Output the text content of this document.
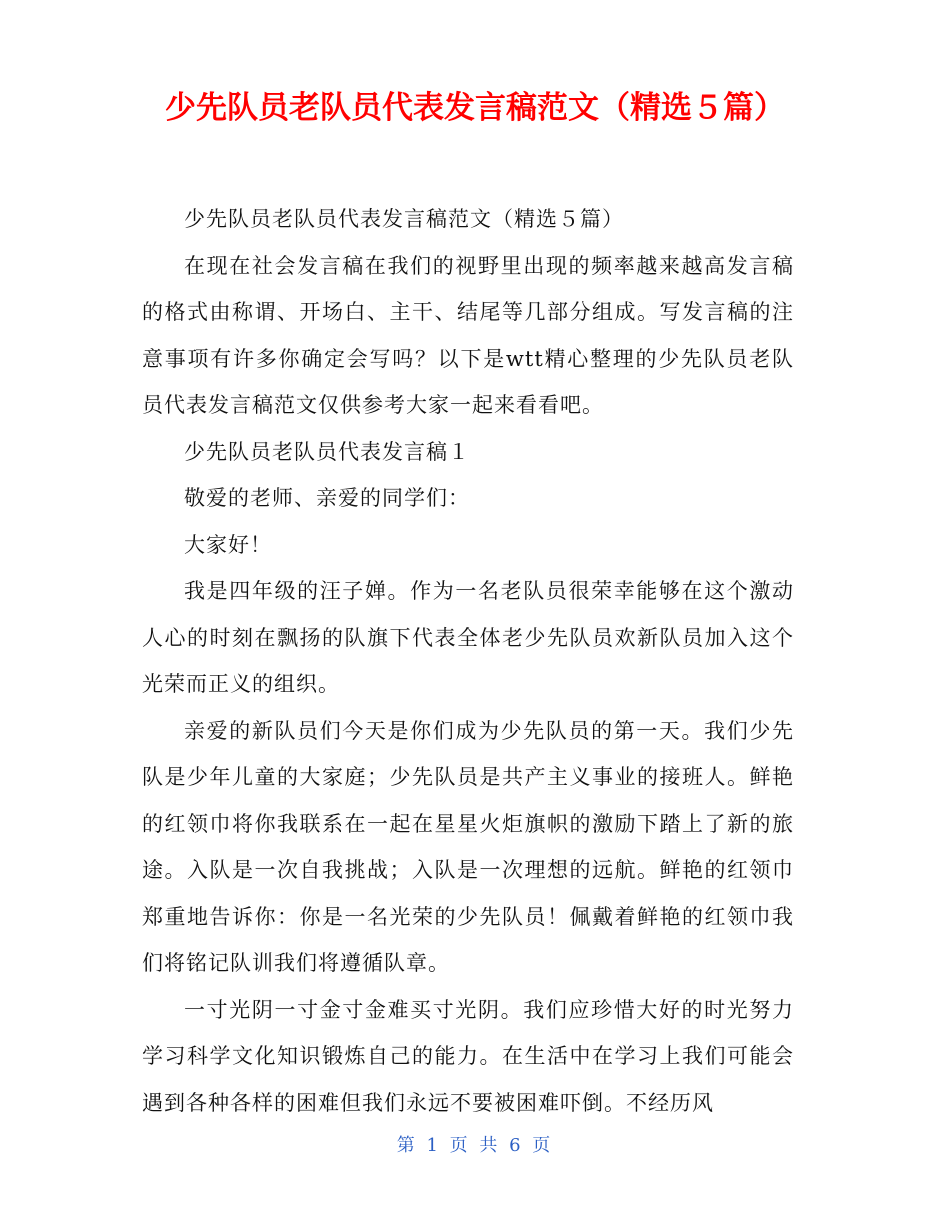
少先队员老队员代表发言稿范文（精选５篇）

少先队员老队员代表发言稿范文（精选５篇）

在现在社会发言稿在我们的视野里出现的频率越来越高发言稿的格式由称谓、开场白、主干、结尾等几部分组成。写发言稿的注意事项有许多你确定会写吗？以下是wtt精心整理的少先队员老队员代表发言稿范文仅供参考大家一起来看看吧。

少先队员老队员代表发言稿１

敬爱的老师、亲爱的同学们：

大家好！

我是四年级的汪子婵。作为一名老队员很荣幸能够在这个激动人心的时刻在飘扬的队旗下代表全体老少先队员欢新队员加入这个光荣而正义的组织。

亲爱的新队员们今天是你们成为少先队员的第一天。我们少先队是少年儿童的大家庭；少先队员是共产主义事业的接班人。鲜艳的红领巾将你我联系在一起在星星火炬旗帜的激励下踏上了新的旅途。入队是一次自我挑战；入队是一次理想的远航。鲜艳的红领巾郑重地告诉你：你是一名光荣的少先队员！佩戴着鲜艳的红领巾我们将铭记队训我们将遵循队章。

一寸光阴一寸金寸金难买寸光阴。我们应珍惜大好的时光努力学习科学文化知识锻炼自己的能力。在生活中在学习上我们可能会遇到各种各样的困难但我们永远不要被困难吓倒。不经历风

第 1 页 共 6 页
